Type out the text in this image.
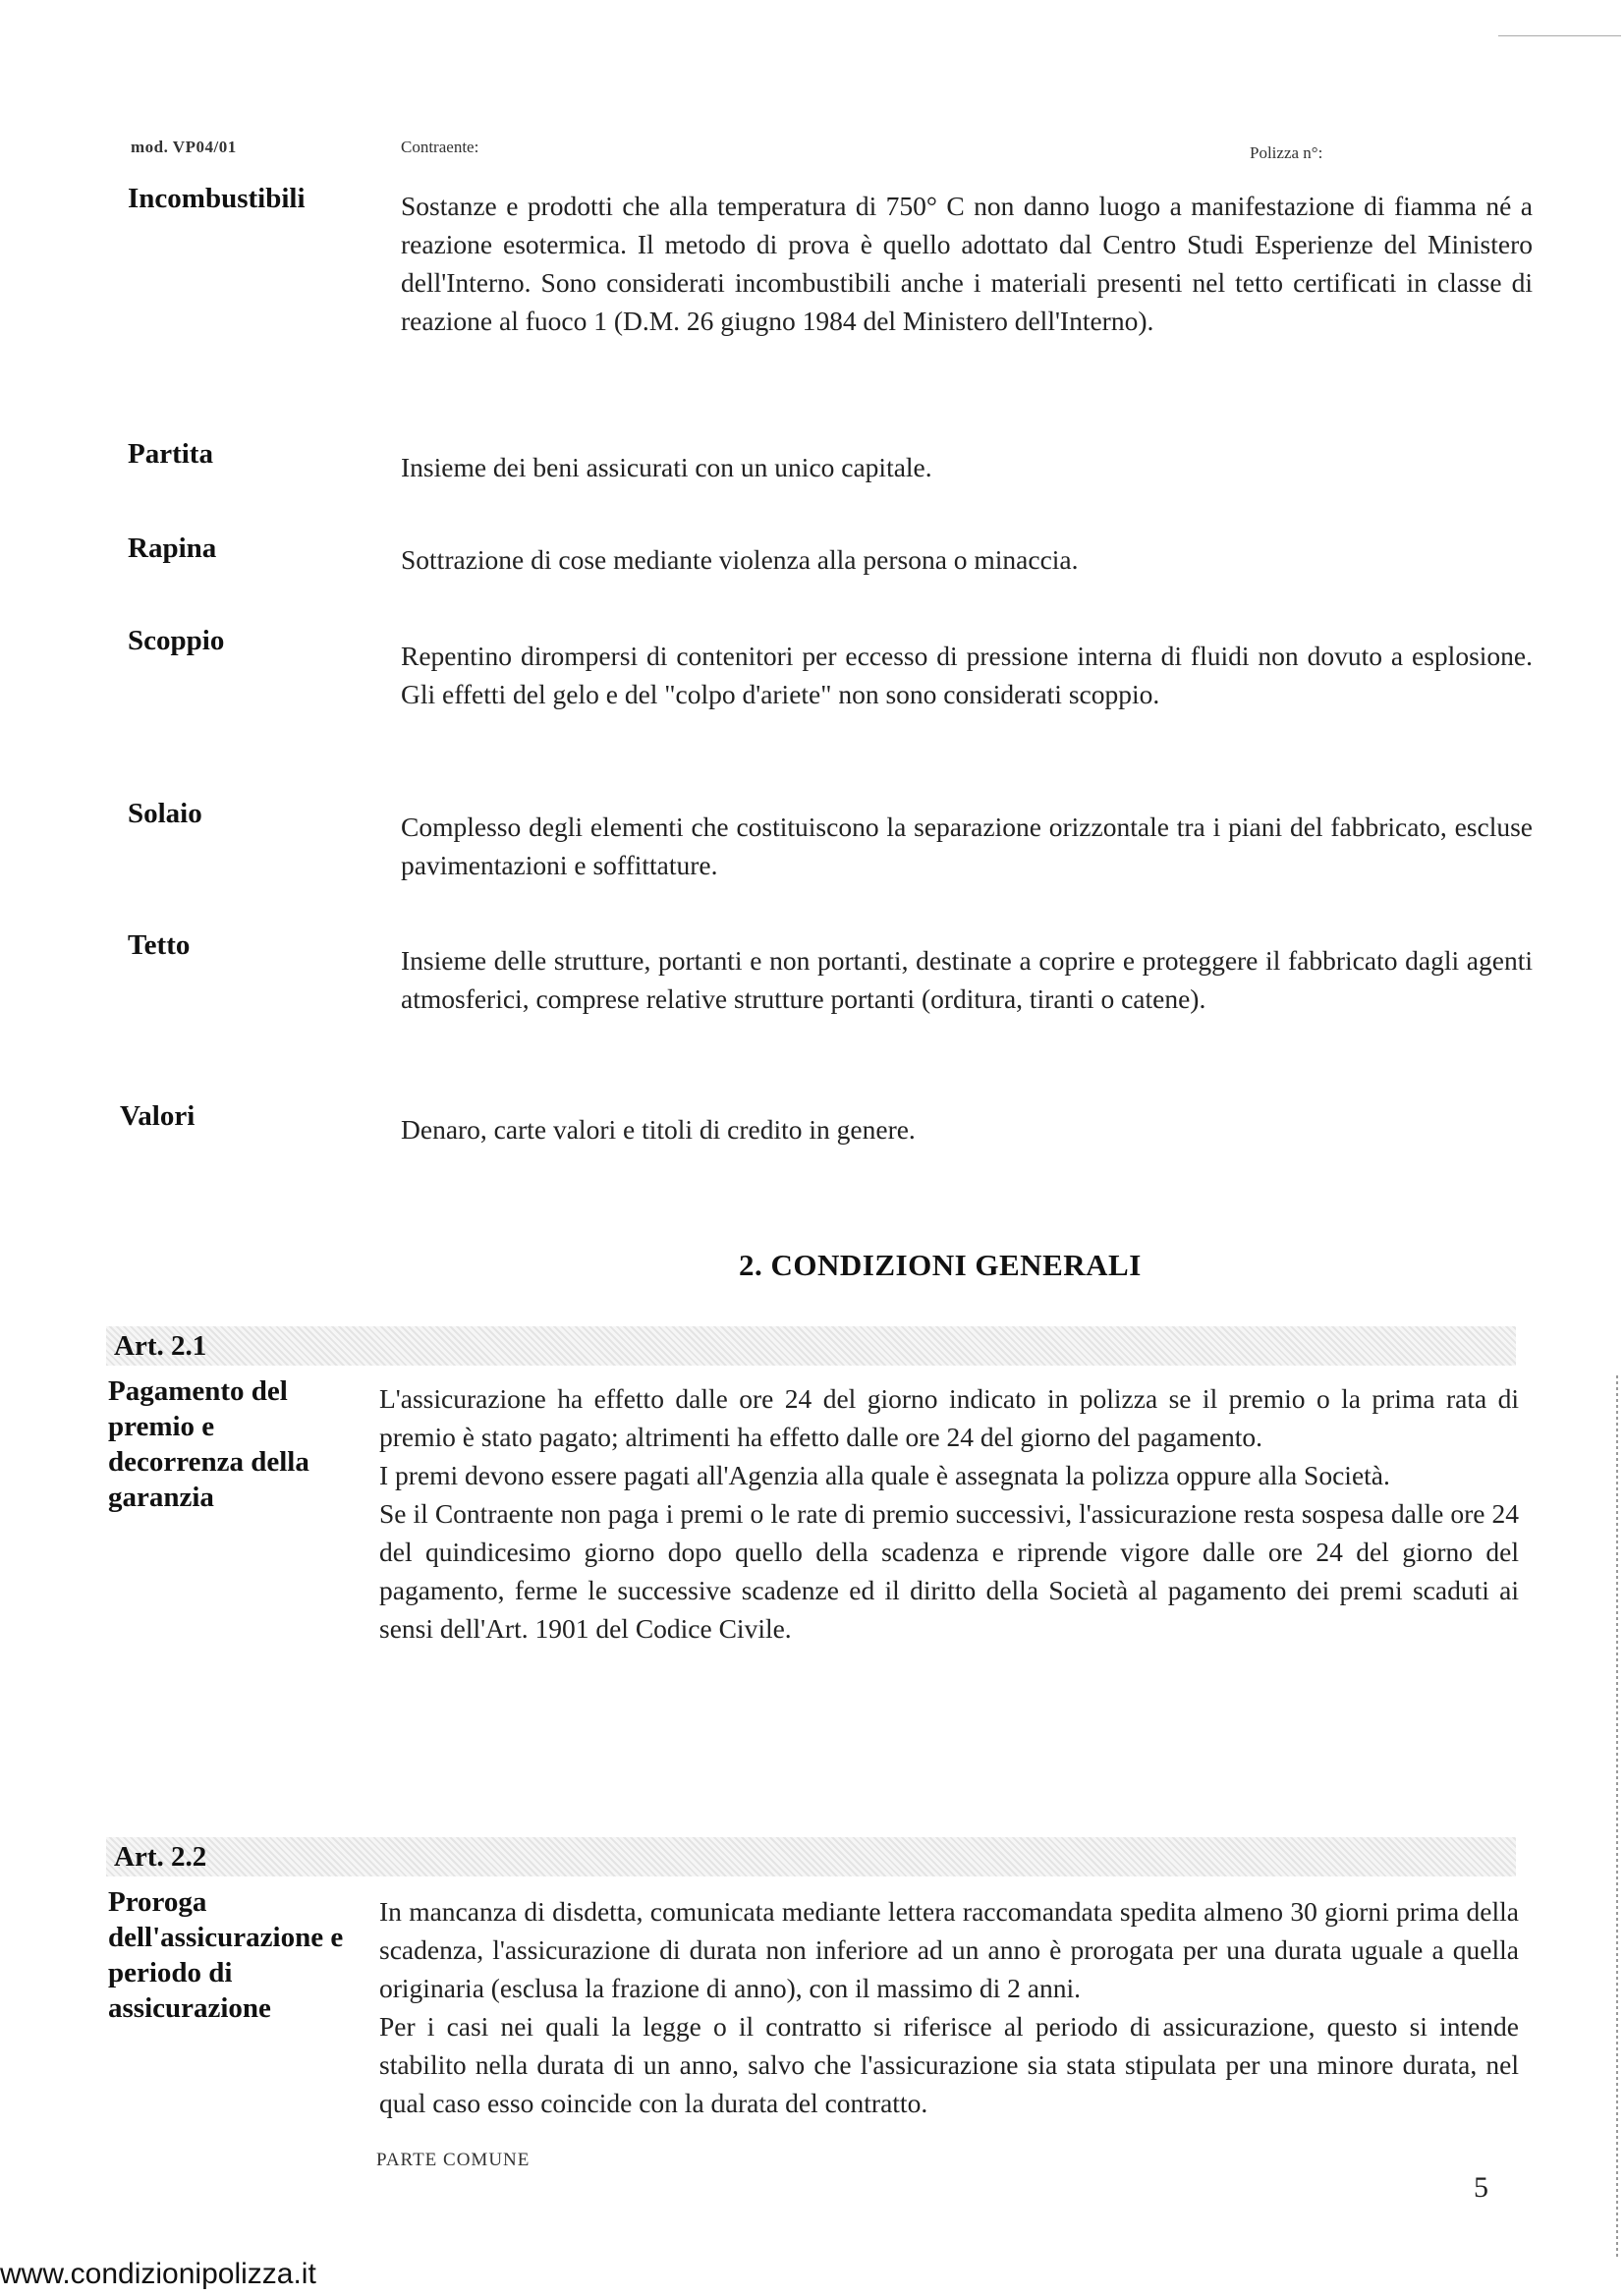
mod. VP04/01	Contraente:	Polizza n°:
Incombustibili	Sostanze e prodotti che alla temperatura di 750° C non danno luogo a manifestazione di fiamma né a reazione esotermica. Il metodo di prova è quello adottato dal Centro Studi Esperienze del Ministero dell'Interno. Sono considerati incombustibili anche i materiali presenti nel tetto certificati in classe di reazione al fuoco 1 (D.M. 26 giugno 1984 del Ministero dell'Interno).
Partita	Insieme dei beni assicurati con un unico capitale.
Rapina	Sottrazione di cose mediante violenza alla persona o minaccia.
Scoppio	Repentino dirompersi di contenitori per eccesso di pressione interna di fluidi non dovuto a esplosione. Gli effetti del gelo e del "colpo d'ariete" non sono considerati scoppio.
Solaio	Complesso degli elementi che costituiscono la separazione orizzontale tra i piani del fabbricato, escluse pavimentazioni e soffittature.
Tetto	Insieme delle strutture, portanti e non portanti, destinate a coprire e proteggere il fabbricato dagli agenti atmosferici, comprese relative strutture portanti (orditura, tiranti o catene).
Valori	Denaro, carte valori e titoli di credito in genere.
2. CONDIZIONI GENERALI
Art. 2.1
Pagamento del premio e decorrenza della garanzia

L'assicurazione ha effetto dalle ore 24 del giorno indicato in polizza se il premio o la prima rata di premio è stato pagato; altrimenti ha effetto dalle ore 24 del giorno del pagamento.

I premi devono essere pagati all'Agenzia alla quale è assegnata la polizza oppure alla Società.

Se il Contraente non paga i premi o le rate di premio successivi, l'assicurazione resta sospesa dalle ore 24 del quindicesimo giorno dopo quello della scadenza e riprende vigore dalle ore 24 del giorno del pagamento, ferme le successive scadenze ed il diritto della Società al pagamento dei premi scaduti ai sensi dell'Art. 1901 del Codice Civile.

Art. 2.2
Proroga dell'assicurazione e periodo di assicurazione

In mancanza di disdetta, comunicata mediante lettera raccomandata spedita almeno 30 giorni prima della scadenza, l'assicurazione di durata non inferiore ad un anno è prorogata per una durata uguale a quella originaria (esclusa la frazione di anno), con il massimo di 2 anni.

Per i casi nei quali la legge o il contratto si riferisce al periodo di assicurazione, questo si intende stabilito nella durata di un anno, salvo che l'assicurazione sia stata stipulata per una minore durata, nel qual caso esso coincide con la durata del contratto.

PARTE COMUNE
5
www.condizionipolizza.it
